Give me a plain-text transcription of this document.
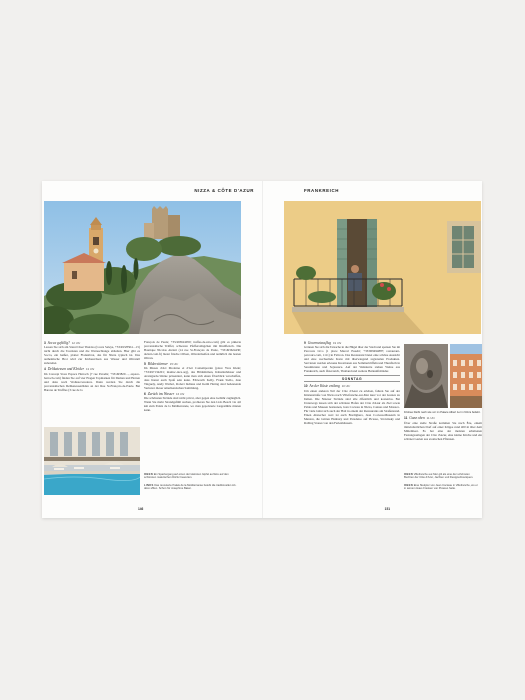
NIZZA & CÔTE D'AZUR
3 Socca gefällig? 12 Uhr

Lassen Sie sich am Stand Chez Thérésa (Cours Saleya, +33/493/8504…15) nicht durch die Touristen und die Warteschlange abhalten. Hier gibt es Socca, ein heißer, platter Fladenbrot, das für Nizza typisch ist. Das authentische Brot wird zur Kichererbsen aus Wasser und Olivenöl zubereitet.

4 Delikatessen und Kleider 13 Uhr

Im Concept Store Espace Harroch (7 rue Paradis; +33/493820…, espace-harroch.com) finden Sie auf vier Etagen Topmarken für Damen und Herren und dazu noch Wohnaccessoires. Dann werden Sie durch die provenzalischen Delikatessenläden an der Rue St-François-de-Paule. Bei Barona de Truffles (3 rue de la

François de Paule; +33/493624950; truffes-de-nice.com) gibt es pikierte provenzalische Trüffel, schwarze Pfefferstängchen mit Rindfleisch. Die Boutique Nicolas Alziari (14 rue St-François de Paule, +33/493624430; alziari.com.fr) bietet frische Oliven, Olivenölseifen und natürlich die besten Oliven.

5 Bilderstürmer 15 Uhr

Im Musée d'Art Moderne et d'Art Contemporain (place Yves Klein; +33/497134201; mamac-nice.org), das Bildstürmen, Künstlerhäuser und Avantgarde-Werke präsentiert, kann man sich einen Überblick verschaffen, dass Kunst auch Spaß sein kann. Ellsworth Kelly, Frank Stella, Jean Tinguely, Andy Warhol, Robert Indiana und Keith Haring sind bedeutende Vertreter dieser amerikanischen Sammlung.

6 Zurück ins Wasser 16 Uhr

Die schönsten Strände sind nicht privat, aber gegen eine Gebühr zugänglich. Wenn Sie mehr Strandgefühl suchen, probieren Sie den Lido Beach via 4,6 km zum Palais de la Méditerranée, wo man gepolsterte Liegestühle mieten kann.

OBEN Ein Spaziergang auf einen der kleinsten Gipfel auf Eze auf den schönsten malerischen Dörfer bewerten.
LINKS Das renovierte Palais de la Méditerranée belebt die traditionellen Art-déco-Villen. Schon für Josephine Baker.
146
FRANKREICH
9 Gourmetausflug 19 Uhr

Gönnen Sie sich die Tatsache in die Hügel über der Stadt und speisen Sie im Parcours Livo (1 place Marcel Eusebi; +33/609494887; restaurant-parcours.com, 1111) in Falicon. Das Restaurant bietet eine schöne Aussicht und eine wechselnde Karte mit überwiegend regionalen Produkten. Servieren werden erlesene Kreationen aus Sommertrüffeln und Thunfisch in Sesamkruste und Sojasauce. Auf der Weinkarte stehen Weine aus Frankreich, auch Österreich, Thailand und weitere Herkunftsländer.

SONNTAG
10 An der Küste entlang 10 Uhr

Um einen anderen Teil der Côte d'Azur zu erleben, fahren Sie auf der Küstenstraße von Nizza nach Villefranche-sur-Mer kurz vor der Grenze zu Italien. Die Nizzaer Strände sind alle öffentlich und kostenlos. Bei Unterwegs lassen sich der schönste Hafen der Côte d'Azur als Ziel sowie Palais und Museen bestaunen, Jean Cocteau in Nizza, Cannes und Monaco. Für viele lohnt sich auch der Halt in einem der Restaurants am Straßenrand. Einen Abstecher wert ist auch Bordighera, Jean Cocteau-Museum in Menton, die Gärten Hanbury und Paradeiso auf Picasso, Stravinsky und Rolling Stones von den Ferienhäusern.

Frisbee bleibt nach wie vor im Palace Albert 1er in Nizza beliebt.

11 Ganz oben 11 Uhr

Über eine steile Straße kommen Sie nach Èze, einem mittelalterlichen Dorf auf einer Klippe rund 400 m über dem Mittelmeer. Es hat eine der meisten erhaltenen Festungsanlagen der Côte d'Azur, eine kleine Kirche und ein schöner Garten aus exotischen Pflanzen.

OBEN Villefranche-sur-Mer gilt als eine der schönsten Buchten der Côte d'Azur, Jachten und Designerboutiquen.
OBEN Eine Skulptur von Jean Cocteau in Villefranche, wo er in seinem Haus Fresken von Picasso hatte.
151
